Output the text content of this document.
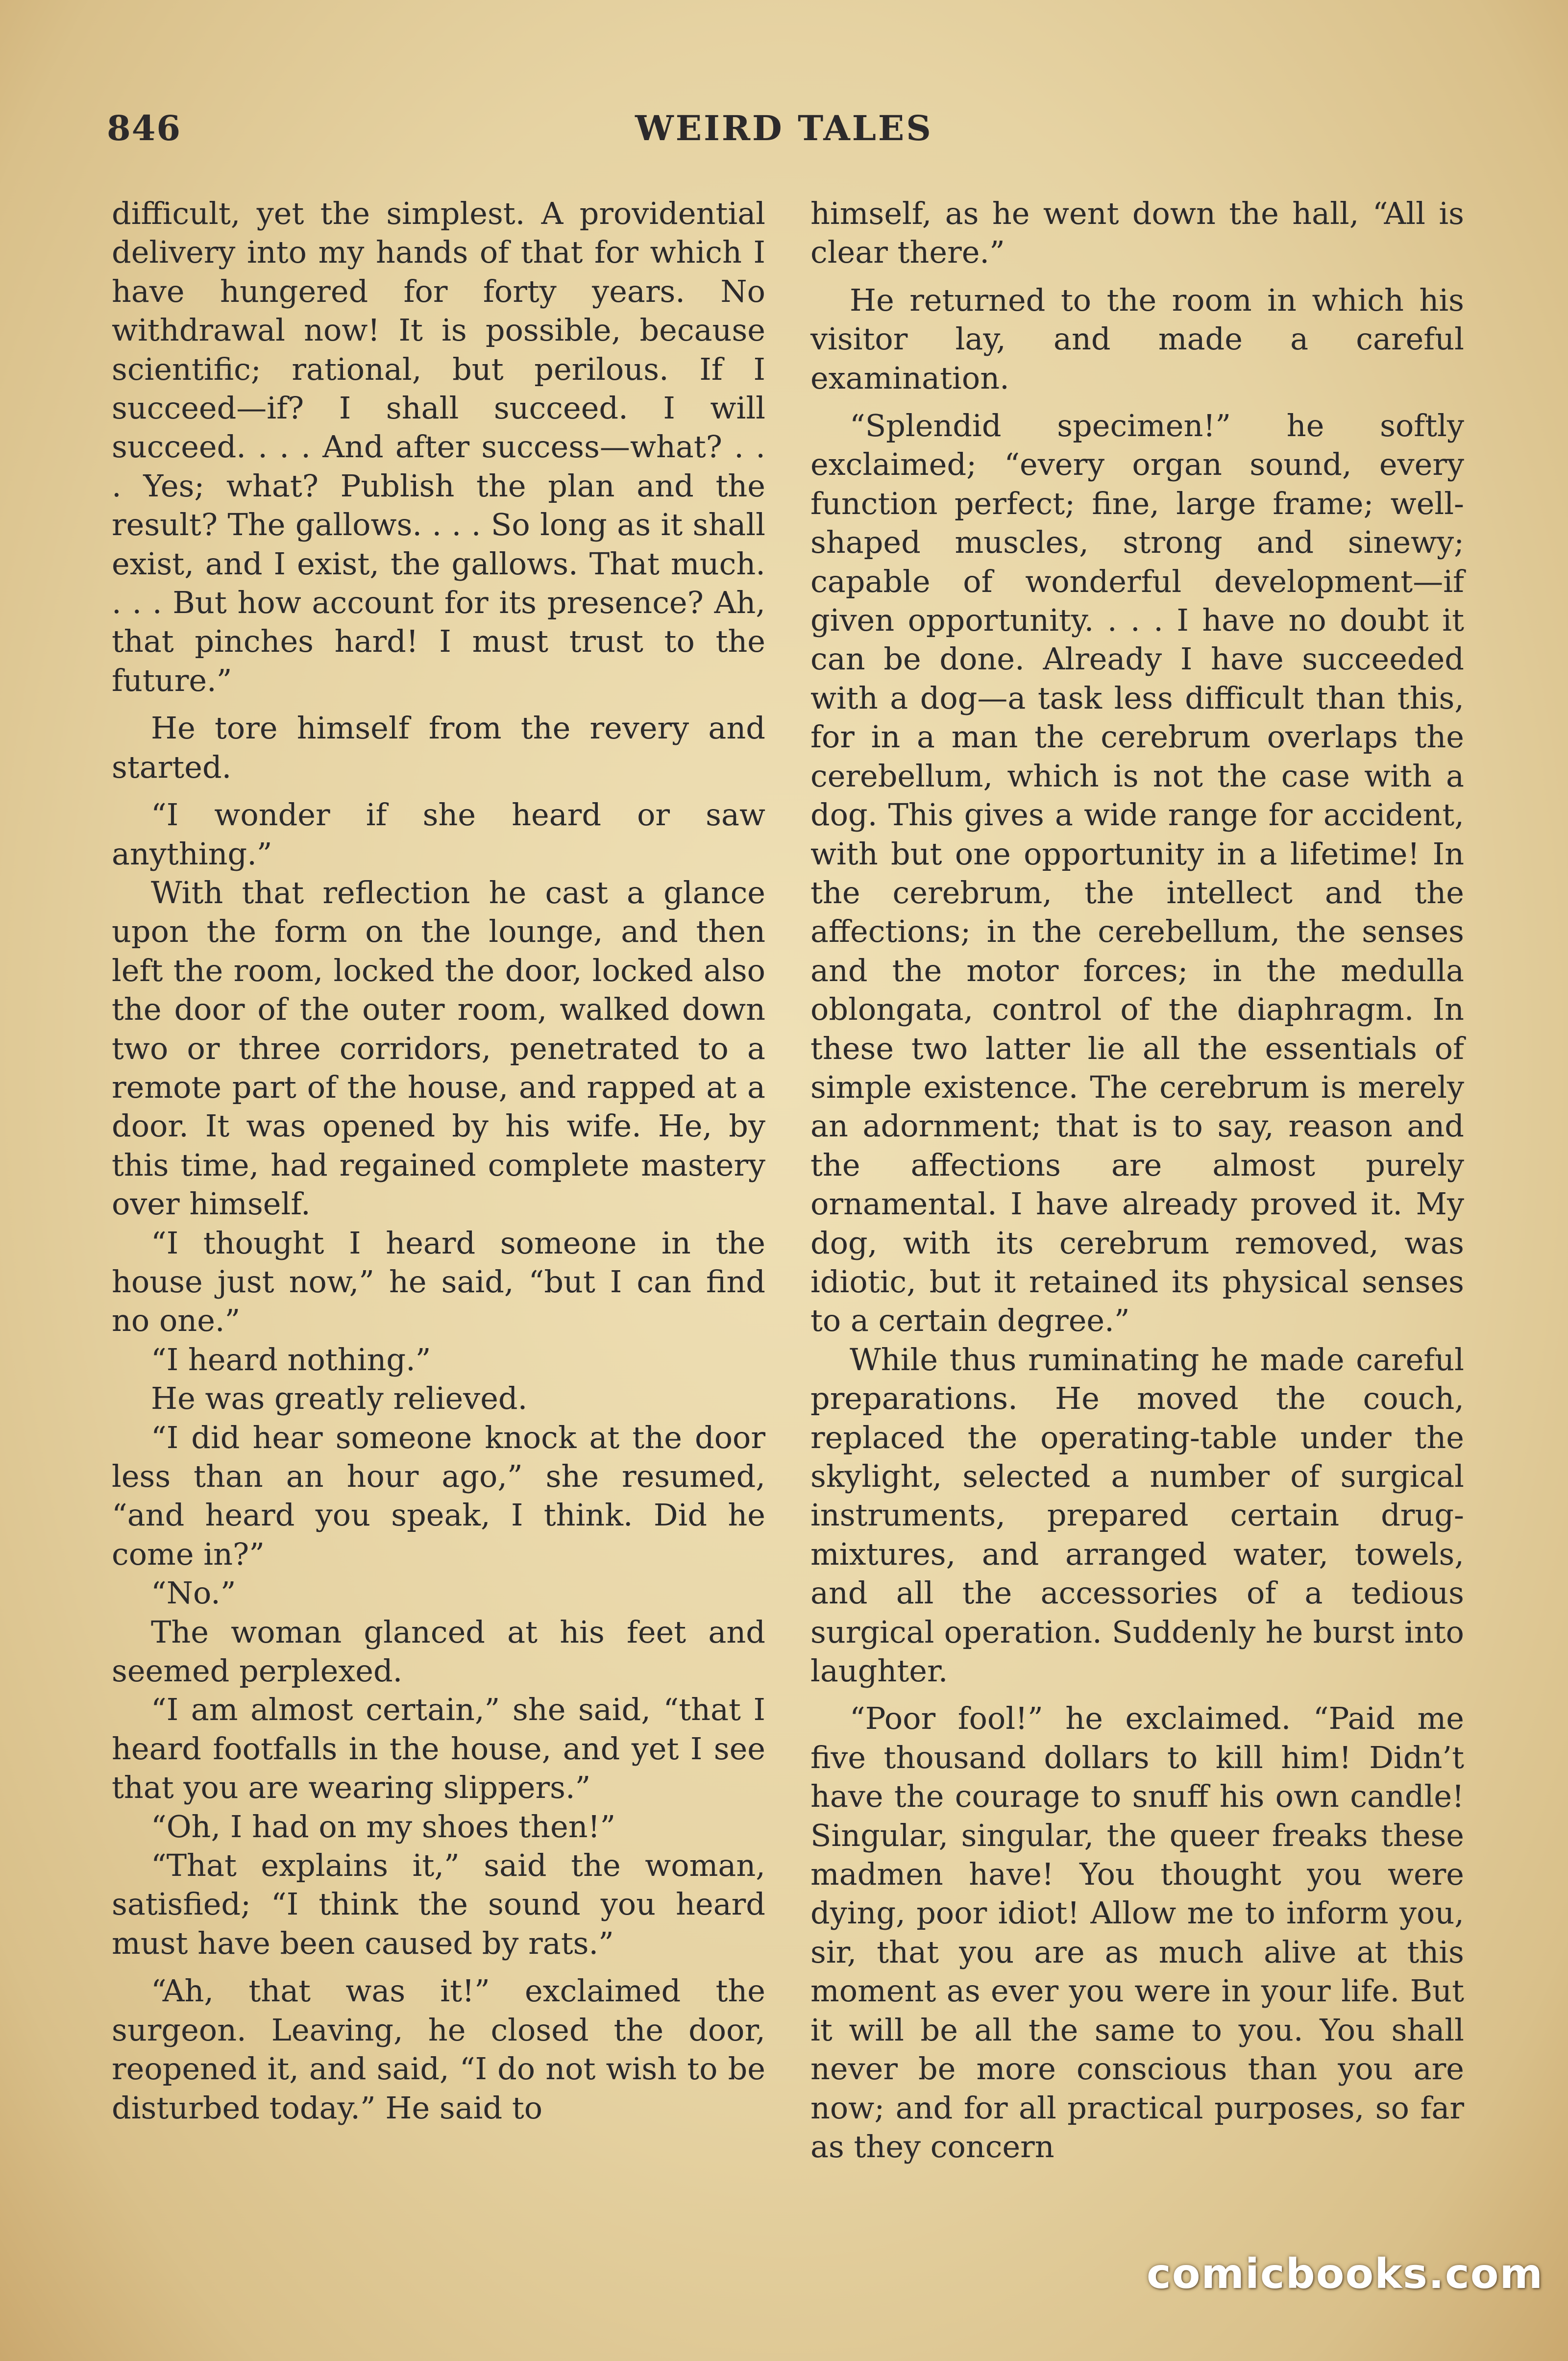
846	WEIRD TALES

difficult, yet the simplest. A providential delivery into my hands of that for which I have hungered for forty years. No withdrawal now! It is possible, because scientific; rational, but perilous. If I succeed—if? I shall succeed. I will succeed. . . . And after success—what? . . . Yes; what? Publish the plan and the result? The gallows. . . . So long as it shall exist, and I exist, the gallows. That much. . . . But how account for its presence? Ah, that pinches hard! I must trust to the future.”

He tore himself from the revery and started.

“I wonder if she heard or saw anything.”

With that reflection he cast a glance upon the form on the lounge, and then left the room, locked the door, locked also the door of the outer room, walked down two or three corridors, penetrated to a remote part of the house, and rapped at a door. It was opened by his wife. He, by this time, had regained complete mastery over himself.

“I thought I heard someone in the house just now,” he said, “but I can find no one.”

“I heard nothing.”

He was greatly relieved.

“I did hear someone knock at the door less than an hour ago,” she resumed, “and heard you speak, I think. Did he come in?”

“No.”

The woman glanced at his feet and seemed perplexed.

“I am almost certain,” she said, “that I heard footfalls in the house, and yet I see that you are wearing slippers.”

“Oh, I had on my shoes then!”

“That explains it,” said the woman, satisfied; “I think the sound you heard must have been caused by rats.”

“Ah, that was it!” exclaimed the surgeon. Leaving, he closed the door, reopened it, and said, “I do not wish to be disturbed today.” He said to

himself, as he went down the hall, “All is clear there.”

He returned to the room in which his visitor lay, and made a careful examination.

“Splendid specimen!” he softly exclaimed; “every organ sound, every function perfect; fine, large frame; well-shaped muscles, strong and sinewy; capable of wonderful development—if given opportunity. . . . I have no doubt it can be done. Already I have succeeded with a dog—a task less difficult than this, for in a man the cerebrum overlaps the cerebellum, which is not the case with a dog. This gives a wide range for accident, with but one opportunity in a lifetime! In the cerebrum, the intellect and the affections; in the cerebellum, the senses and the motor forces; in the medulla oblongata, control of the diaphragm. In these two latter lie all the essentials of simple existence. The cerebrum is merely an adornment; that is to say, reason and the affections are almost purely ornamental. I have already proved it. My dog, with its cerebrum removed, was idiotic, but it retained its physical senses to a certain degree.”

While thus ruminating he made careful preparations. He moved the couch, replaced the operating-table under the skylight, selected a number of surgical instruments, prepared certain drug-mixtures, and arranged water, towels, and all the accessories of a tedious surgical operation. Suddenly he burst into laughter.

“Poor fool!” he exclaimed. “Paid me five thousand dollars to kill him! Didn’t have the courage to snuff his own candle! Singular, singular, the queer freaks these madmen have! You thought you were dying, poor idiot! Allow me to inform you, sir, that you are as much alive at this moment as ever you were in your life. But it will be all the same to you. You shall never be more conscious than you are now; and for all practical purposes, so far as they concern

comicbooks.com
